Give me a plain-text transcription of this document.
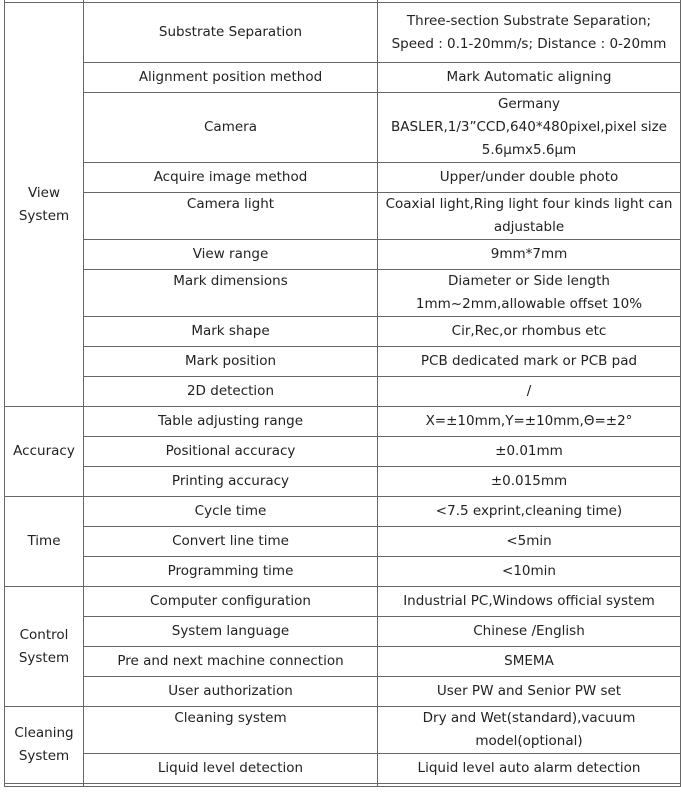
View
System	Substrate Separation	Three-section Substrate Separation;
Speed : 0.1-20mm/s; Distance : 0-20mm

	Alignment position method	Mark Automatic aligning

	Camera	Germany
BASLER,1/3”CCD,640*480pixel,pixel size
5.6μmx5.6μm

	Acquire image method	Upper/under double photo

	Camera light	Coaxial light,Ring light four kinds light can
adjustable

	View range	9mm*7mm

	Mark dimensions	Diameter or Side length
1mm~2mm,allowable offset 10%

	Mark shape	Cir,Rec,or rhombus etc

	Mark position	PCB dedicated mark or PCB pad

	2D detection	/

Accuracy	Table adjusting range	X=±10mm,Y=±10mm,Θ=±2°

	Positional accuracy	±0.01mm

	Printing accuracy	±0.015mm

Time	Cycle time	<7.5 exprint,cleaning time)

	Convert line time	<5min

	Programming time	<10min

Control
System	Computer configuration	Industrial PC,Windows official system

	System language	Chinese /English

	Pre and next machine connection	SMEMA

	User authorization	User PW and Senior PW set

Cleaning
System	Cleaning system	Dry and Wet(standard),vacuum
model(optional)

	Liquid level detection	Liquid level auto alarm detection
